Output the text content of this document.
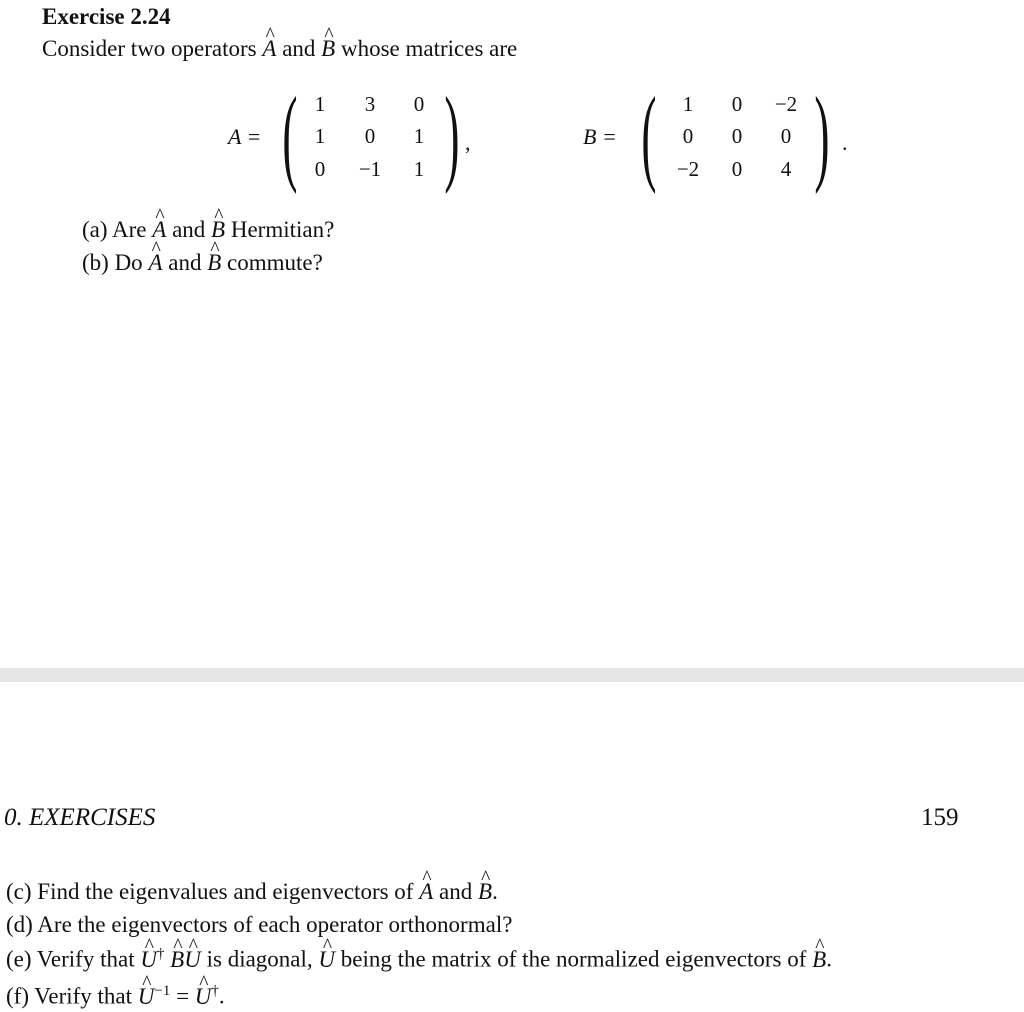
Exercise 2.24
Consider two operators ^ A and ^ B whose matrices are
A = ( )
1	3	0
1	0	1
0	−1	1
,	B = ( )
1	0	−2
0	0	0
−2	0	4
.
(a) Are ^ A and ^ B Hermitian?
(b) Do ^ A and ^ B commute?
0. EXERCISES	159
(c) Find the eigenvalues and eigenvectors of ^ A and ^ B.
(d) Are the eigenvectors of each operator orthonormal?
(e) Verify that ^ U† ^ B^ U is diagonal, ^ U being the matrix of the normalized eigenvectors of ^ B.
(f) Verify that ^ $U^{-1}$ = ^ U†.
